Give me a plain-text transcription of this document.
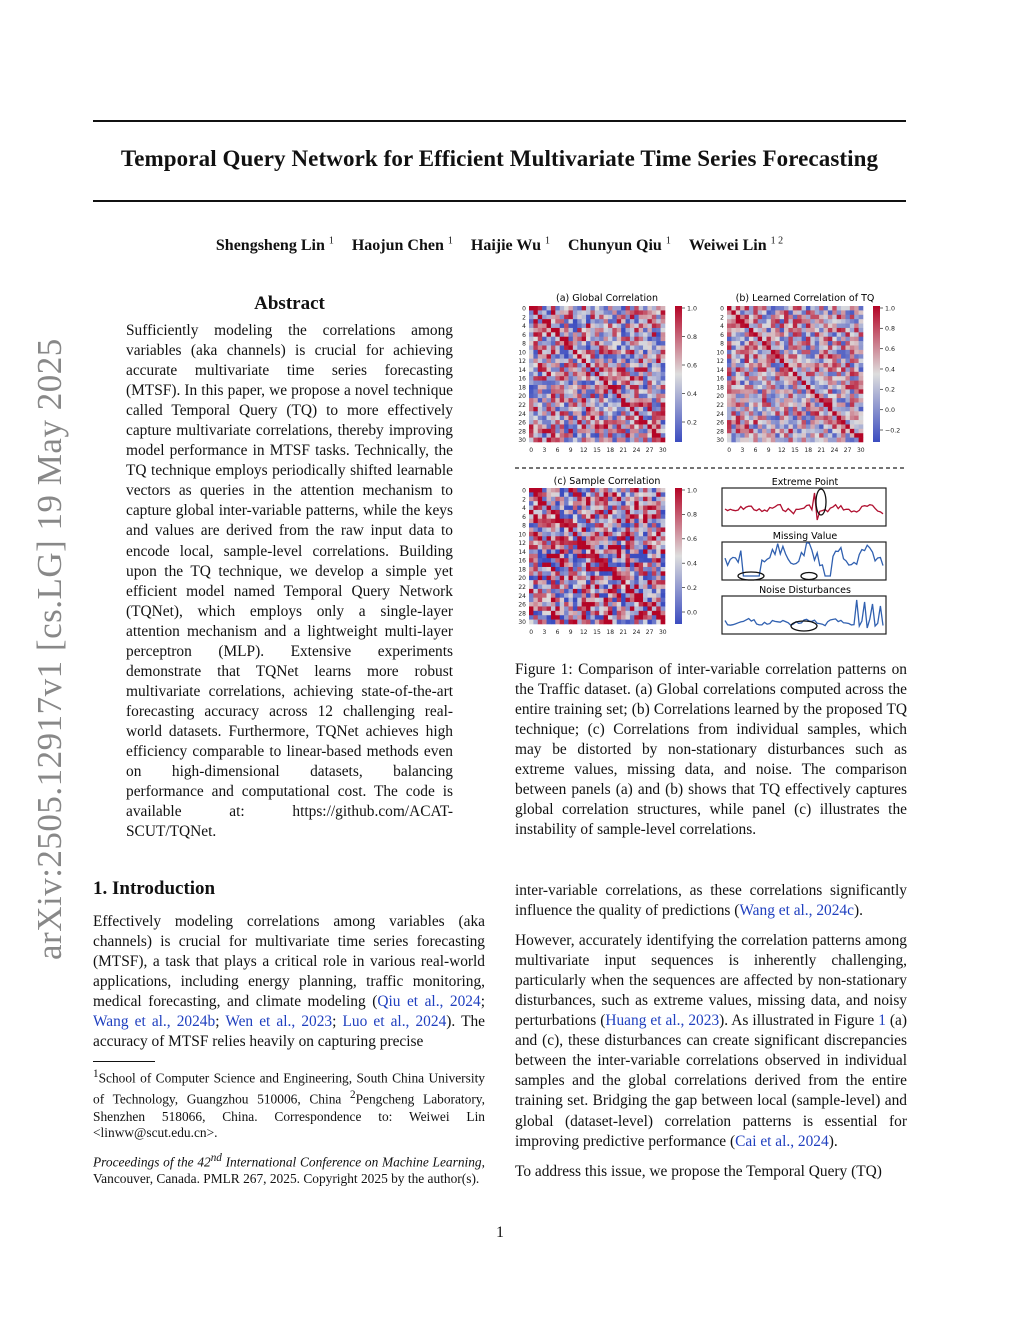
Temporal Query Network for Efficient Multivariate Time Series Forecasting
Shengsheng Lin $^1$ Haojun Chen $^1$ Haijie Wu $^1$ Chunyun Qiu $^1$ Weiwei Lin $^{1 2}$
arXiv:2505.12917v1 [cs.LG] 19 May 2025
Abstract
Sufficiently modeling the correlations among variables (aka channels) is crucial for achieving accurate multivariate time series forecasting (MTSF). In this paper, we propose a novel technique called Temporal Query (TQ) to more effectively capture multivariate correlations, thereby improving model performance in MTSF tasks. Technically, the TQ technique employs periodically shifted learnable vectors as queries in the attention mechanism to capture global inter-variable patterns, while the keys and values are derived from the raw input data to encode local, sample-level correlations. Building upon the TQ technique, we develop a simple yet efficient model named Temporal Query Network (TQNet), which employs only a single-layer attention mechanism and a lightweight multi-layer perceptron (MLP). Extensive experiments demonstrate that TQNet learns more robust multivariate correlations, achieving state-of-the-art forecasting accuracy across 12 challenging real-world datasets. Furthermore, TQNet achieves high efficiency comparable to linear-based methods even on high-dimensional datasets, balancing performance and computational cost. The code is available at: https://github.com/ACAT-SCUT/TQNet.
1. Introduction
Effectively modeling correlations among variables (aka channels) is crucial for multivariate time series forecasting (MTSF), a task that plays a critical role in various real-world applications, including energy planning, traffic monitoring, medical forecasting, and climate modeling (Qiu et al., 2024; Wang et al., 2024b; Wen et al., 2023; Luo et al., 2024). The accuracy of MTSF relies heavily on capturing precise
$^1$School of Computer Science and Engineering, South China University of Technology, Guangzhou 510006, China $^2$Pengcheng Laboratory, Shenzhen 518066, China. Correspondence to: Weiwei Lin <linww@scut.edu.cn>.
Proceedings of the 42nd International Conference on Machine Learning, Vancouver, Canada. PMLR 267, 2025. Copyright 2025 by the author(s).
(a) Global Correlation	(b) Learned Correlation of TQ
(c) Sample Correlation
1.0
0.8
0.6
0.4
0.2
1.0
0.8
0.6
0.4
0.2
0.0
−0.2
1.0
0.8
0.6
0.4
0.2
0.0
0
2
4
6
8
10
12
14
16
18
20
22
24
26
28
30
0 3 6 9 12 15 18 21 24 27 30
0
2
4
6
8
10
12
14
16
18
20
22
24
26
28
30
0 3 6 9 12 15 18 21 24 27 30
0
2
4
6
8
10
12
14
16
18
20
22
24
26
28
30
0 3 6 9 12 15 18 21 24 27 30
Extreme Point
Missing Value
Noise Disturbances
Figure 1: Comparison of inter-variable correlation patterns on the Traffic dataset. (a) Global correlations computed across the entire training set; (b) Correlations learned by the proposed TQ technique; (c) Correlations from individual samples, which may be distorted by non-stationary disturbances such as extreme values, missing data, and noise. The comparison between panels (a) and (b) shows that TQ effectively captures global correlation structures, while panel (c) illustrates the instability of sample-level correlations.

inter-variable correlations, as these correlations significantly influence the quality of predictions (Wang et al., 2024c).

However, accurately identifying the correlation patterns among multivariate input sequences is inherently challenging, particularly when the sequences are affected by non-stationary disturbances, such as extreme values, missing data, and noisy perturbations (Huang et al., 2023). As illustrated in Figure 1 (a) and (c), these disturbances can create significant discrepancies between the inter-variable correlations observed in individual samples and the global correlations derived from the entire training set. Bridging the gap between local (sample-level) and global (dataset-level) correlation patterns is essential for improving predictive performance (Cai et al., 2024).

To address this issue, we propose the Temporal Query (TQ)

1
